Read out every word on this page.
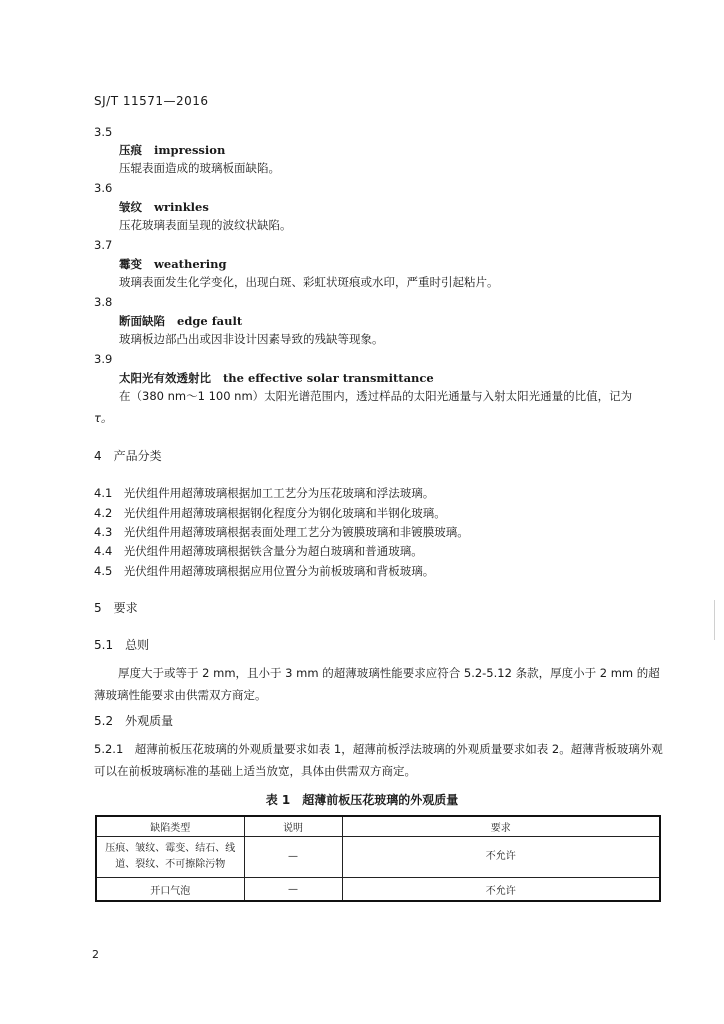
SJ/T 11571—2016
3.5
压痕 impression
压辊表面造成的玻璃板面缺陷。
3.6
皱纹 wrinkles
压花玻璃表面呈现的波纹状缺陷。
3.7
霉变 weathering
玻璃表面发生化学变化，出现白斑、彩虹状斑痕或水印，严重时引起粘片。
3.8
断面缺陷 edge fault
玻璃板边部凸出或因非设计因素导致的残缺等现象。
3.9
太阳光有效透射比 the effective solar transmittance
在（380 nm～1 100 nm）太阳光谱范围内，透过样品的太阳光通量与入射太阳光通量的比值，记为
τ。
4　产品分类
4.1　光伏组件用超薄玻璃根据加工工艺分为压花玻璃和浮法玻璃。
4.2　光伏组件用超薄玻璃根据钢化程度分为钢化玻璃和半钢化玻璃。
4.3　光伏组件用超薄玻璃根据表面处理工艺分为镀膜玻璃和非镀膜玻璃。
4.4　光伏组件用超薄玻璃根据铁含量分为超白玻璃和普通玻璃。
4.5　光伏组件用超薄玻璃根据应用位置分为前板玻璃和背板玻璃。
5　要求
5.1　总则
厚度大于或等于 2 mm，且小于 3 mm 的超薄玻璃性能要求应符合 5.2-5.12 条款，厚度小于 2 mm 的超薄玻璃性能要求由供需双方商定。
5.2　外观质量
5.2.1　超薄前板压花玻璃的外观质量要求如表 1，超薄前板浮法玻璃的外观质量要求如表 2。超薄背板玻璃外观可以在前板玻璃标准的基础上适当放宽，具体由供需双方商定。
表 1　超薄前板压花玻璃的外观质量
缺陷类型	说明	要求
压痕、皱纹、霉变、结石、线道、裂纹、不可擦除污物	—	不允许
开口气泡	—	不允许
2
